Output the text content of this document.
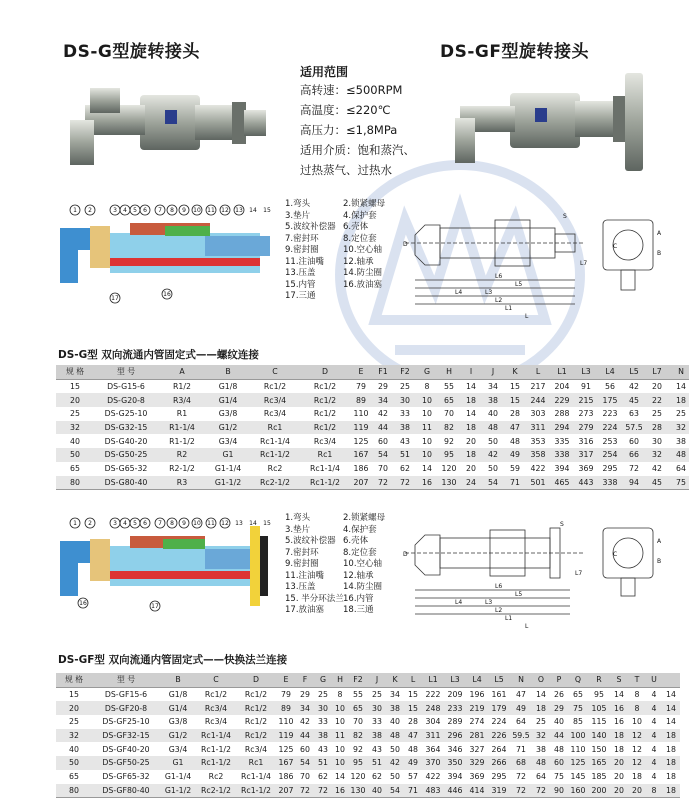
DS-G型旋转接头	DS-GF型旋转接头
适用范围
高转速：≤500RPM
高温度：≤220℃
高压力：≤1,8MPa
适用介质：饱和蒸汽、
过热蒸气、过热水
1 2	3 4 5 6 7 8 9 10 11 12 13 14 15
16
17
1.弯头	2.锁紧螺母
3.垫片	4.保护套
5.波纹补偿器 6.壳体
7.密封环	8.定位套
9.密封圈	10.空心轴
11.注油嘴	12.轴承
13.压盖	14.防尘圈
15.内管	16.放油塞
17.三通
S
L7
L6
L5
L4	L3
L2
L1
L
D
A
B
C
DS-G型 双向流通内管固定式——螺纹连接
规 格	型 号	A	B	C	D	E	F1	F2	G	H	I	J	K	L	L1	L3	L4	L5	L7	N
15	DS-G15-6	R1/2	G1/8	Rc1/2	Rc1/2	79	29	25	8	55	14	34	15	217	204	91	56	42	20	14
20	DS-G20-8	R3/4	G1/4	Rc3/4	Rc1/2	89	34	30	10	65	18	38	15	244	229	215	175	45	22	18
25	DS-G25-10	R1	G3/8	Rc3/4	Rc1/2	110	42	33	10	70	14	40	28	303	288	273	223	63	25	25
32	DS-G32-15	R1-1/4	G1/2	Rc1	Rc1/2	119	44	38	11	82	18	48	47	311	294	279	224	57.5	28	32
40	DS-G40-20	R1-1/2	G3/4	Rc1-1/4	Rc3/4	125	60	43	10	92	20	50	48	353	335	316	253	60	30	38
50	DS-G50-25	R2	G1	Rc1-1/2	Rc1	167	54	51	10	95	18	42	49	358	338	317	254	66	32	48
65	DS-G65-32	R2-1/2	G1-1/4	Rc2	Rc1-1/4	186	70	62	14	120	20	50	59	422	394	369	295	72	42	64
80	DS-G80-40	R3	G1-1/2	Rc2-1/2	Rc1-1/2	207	72	72	16	130	24	54	71	501	465	443	338	94	45	75
1 2	3 4 5 6 7 8 9 10 11 12 13 14 15
16	17
1.弯头	2.锁紧螺母
3.垫片	4.保护套
5.波纹补偿器 6.壳体
7.密封环	8.定位套
9.密封圈	10.空心轴
11.注油嘴	12.轴承
13.压盖	14.防尘圈
15. 半分环法兰 16.内管
17.放油塞	18.三通
S
L7
L6
L5
L4	L3
L2
L1
L
D
A
B
C
DS-GF型 双向流通内管固定式——快换法兰连接
规 格	型 号	B	C	D	E	F	G	H	F2	J	K	L	L1	L3	L4	L5	N	O	P	Q	R	S	T	U	
15	DS-GF15-6	G1/8	Rc1/2	Rc1/2	79	29	25	8	55	25	34	15	222	209	196	161	47	14	26	65	95	14	8	4	14
20	DS-GF20-8	G1/4	Rc3/4	Rc1/2	89	34	30	10	65	30	38	15	248	233	219	179	49	18	29	75	105	16	8	4	14
25	DS-GF25-10	G3/8	Rc3/4	Rc1/2	110	42	33	10	70	33	40	28	304	289	274	224	64	25	40	85	115	16	10	4	14
32	DS-GF32-15	G1/2	Rc1-1/4	Rc1/2	119	44	38	11	82	38	48	47	311	296	281	226	59.5	32	44	100	140	18	12	4	18
40	DS-GF40-20	G3/4	Rc1-1/2	Rc3/4	125	60	43	10	92	43	50	48	364	346	327	264	71	38	48	110	150	18	12	4	18
50	DS-GF50-25	G1	Rc1-1/2	Rc1	167	54	51	10	95	51	42	49	370	350	329	266	68	48	60	125	165	20	12	4	18
65	DS-GF65-32	G1-1/4	Rc2	Rc1-1/4	186	70	62	14	120	62	50	57	422	394	369	295	72	64	75	145	185	20	18	4	18
80	DS-GF80-40	G1-1/2	Rc2-1/2	Rc1-1/2	207	72	72	16	130	40	54	71	483	446	414	319	72	72	90	160	200	20	20	8	18
